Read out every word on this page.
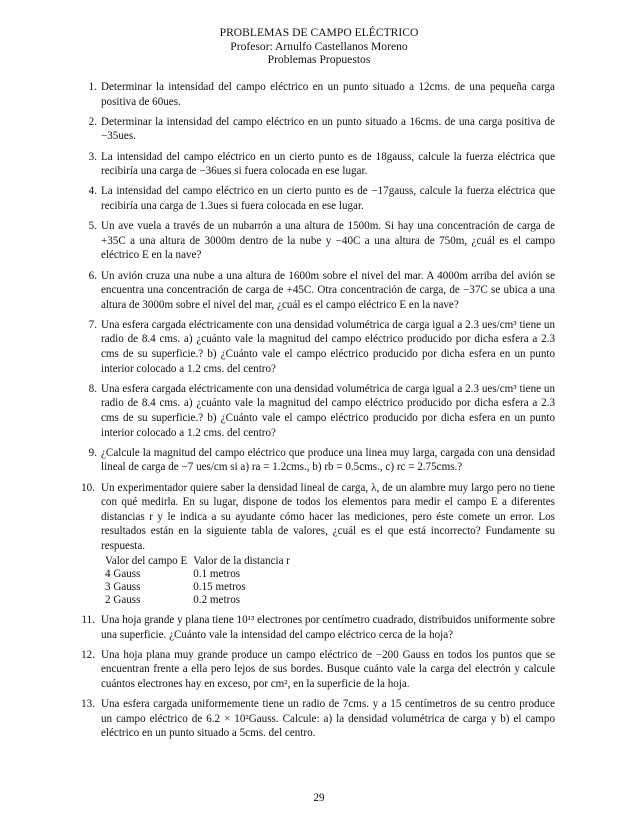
PROBLEMAS DE CAMPO ELÉCTRICO
Profesor: Arnulfo Castellanos Moreno
Problemas Propuestos
1. Determinar la intensidad del campo eléctrico en un punto situado a 12cms. de una pequeña carga positiva de 60ues.
2. Determinar la intensidad del campo eléctrico en un punto situado a 16cms. de una carga positiva de −35ues.
3. La intensidad del campo eléctrico en un cierto punto es de 18gauss, calcule la fuerza eléctrica que recibiría una carga de −36ues si fuera colocada en ese lugar.
4. La intensidad del campo eléctrico en un cierto punto es de −17gauss, calcule la fuerza eléctrica que recibiría una carga de 1.3ues si fuera colocada en ese lugar.
5. Un ave vuela a través de un nubarrón a una altura de 1500m. Si hay una concentración de carga de +35C a una altura de 3000m dentro de la nube y −40C a una altura de 750m, ¿cuál es el campo eléctrico E en la nave?
6. Un avión cruza una nube a una altura de 1600m sobre el nivel del mar. A 4000m arriba del avión se encuentra una concentración de carga de +45C. Otra concentración de carga, de −37C se ubica a una altura de 3000m sobre el nivel del mar, ¿cuál es el campo eléctrico E en la nave?
7. Una esfera cargada eléctricamente con una densidad volumétrica de carga igual a 2.3 ues/cm³ tiene un radio de 8.4 cms. a) ¿cuánto vale la magnitud del campo eléctrico producido por dicha esfera a 2.3 cms de su superficie.? b) ¿Cuánto vale el campo eléctrico producido por dicha esfera en un punto interior colocado a 1.2 cms. del centro?
8. Una esfera cargada eléctricamente con una densidad volumétrica de carga igual a 2.3 ues/cm³ tiene un radio de 8.4 cms. a) ¿cuánto vale la magnitud del campo eléctrico producido por dicha esfera a 2.3 cms de su superficie.? b) ¿Cuánto vale el campo eléctrico producido por dicha esfera en un punto interior colocado a 1.2 cms. del centro?
9. ¿Calcule la magnitud del campo eléctrico que produce una linea muy larga, cargada con una densidad lineal de carga de −7 ues/cm si a) ra = 1.2cms., b) rb = 0.5cms., c) rc = 2.75cms.?
10. Un experimentador quiere saber la densidad lineal de carga, λ, de un alambre muy largo pero no tiene con qué medirla. En su lugar, dispone de todos los elementos para medir el campo E a diferentes distancias r y le indica a su ayudante cómo hacer las mediciones, pero éste comete un error. Los resultados están en la siguiente tabla de valores, ¿cuál es el que está incorrecto? Fundamente su respuesta.
Valor del campo E	Valor de la distancia r
4 Gauss	0.1 metros
3 Gauss	0.15 metros
2 Gauss	0.2 metros
11. Una hoja grande y plana tiene 10¹³ electrones por centímetro cuadrado, distribuidos uniformente sobre una superficie. ¿Cuánto vale la intensidad del campo eléctrico cerca de la hoja?
12. Una hoja plana muy grande produce un campo eléctrico de −200 Gauss en todos los puntos que se encuentran frente a ella pero lejos de sus bordes. Busque cuánto vale la carga del electrón y calcule cuántos electrones hay en exceso, por cm², en la superficie de la hoja.
13. Una esfera cargada uniformemente tiene un radio de 7cms. y a 15 centímetros de su centro produce un campo eléctrico de 6.2 × 10²Gauss. Calcule: a) la densidad volumétrica de carga y b) el campo eléctrico en un punto situado a 5cms. del centro.
29
